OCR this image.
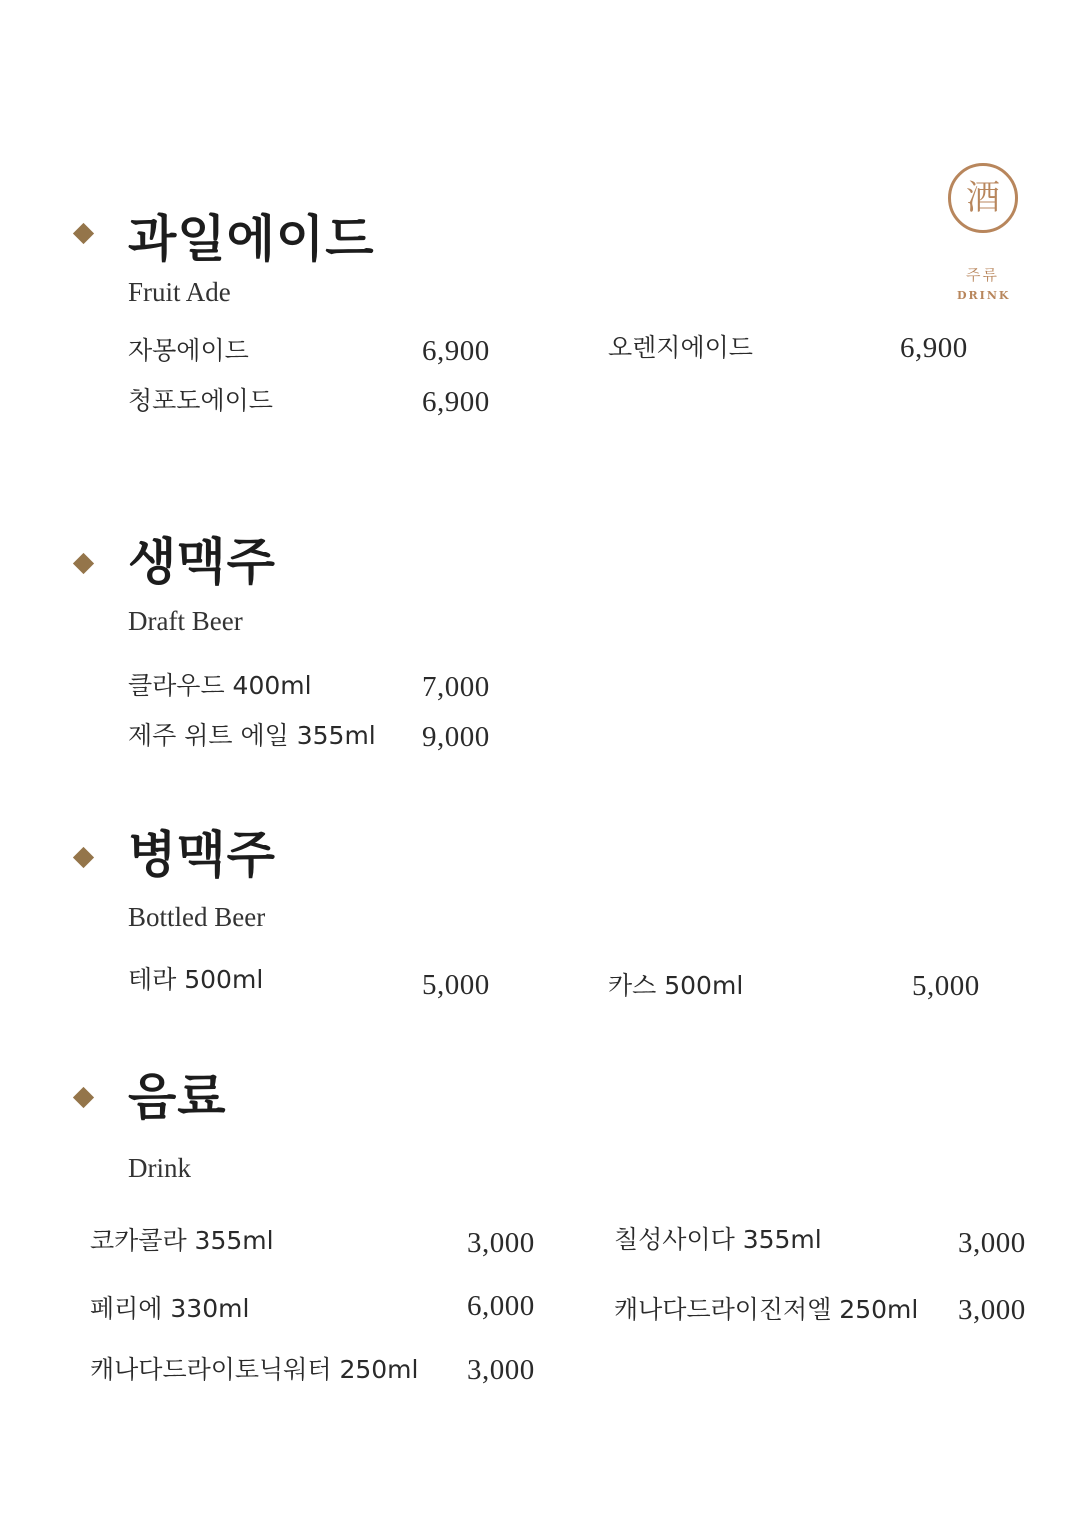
酒
주류
DRINK
과일에이드
Fruit Ade
자몽에이드	6,900	오렌지에이드	6,900
청포도에이드	6,900
생맥주
Draft Beer
클라우드 400ml	7,000
제주 위트 에일 355ml 9,000
병맥주
Bottled Beer
테라 500ml	5,000	카스 500ml	5,000
음료
Drink
코카콜라 355ml	3,000	칠성사이다 355ml	3,000
페리에 330ml	6,000	캐나다드라이진저엘 250ml 3,000
캐나다드라이토닉워터 250ml 3,000
